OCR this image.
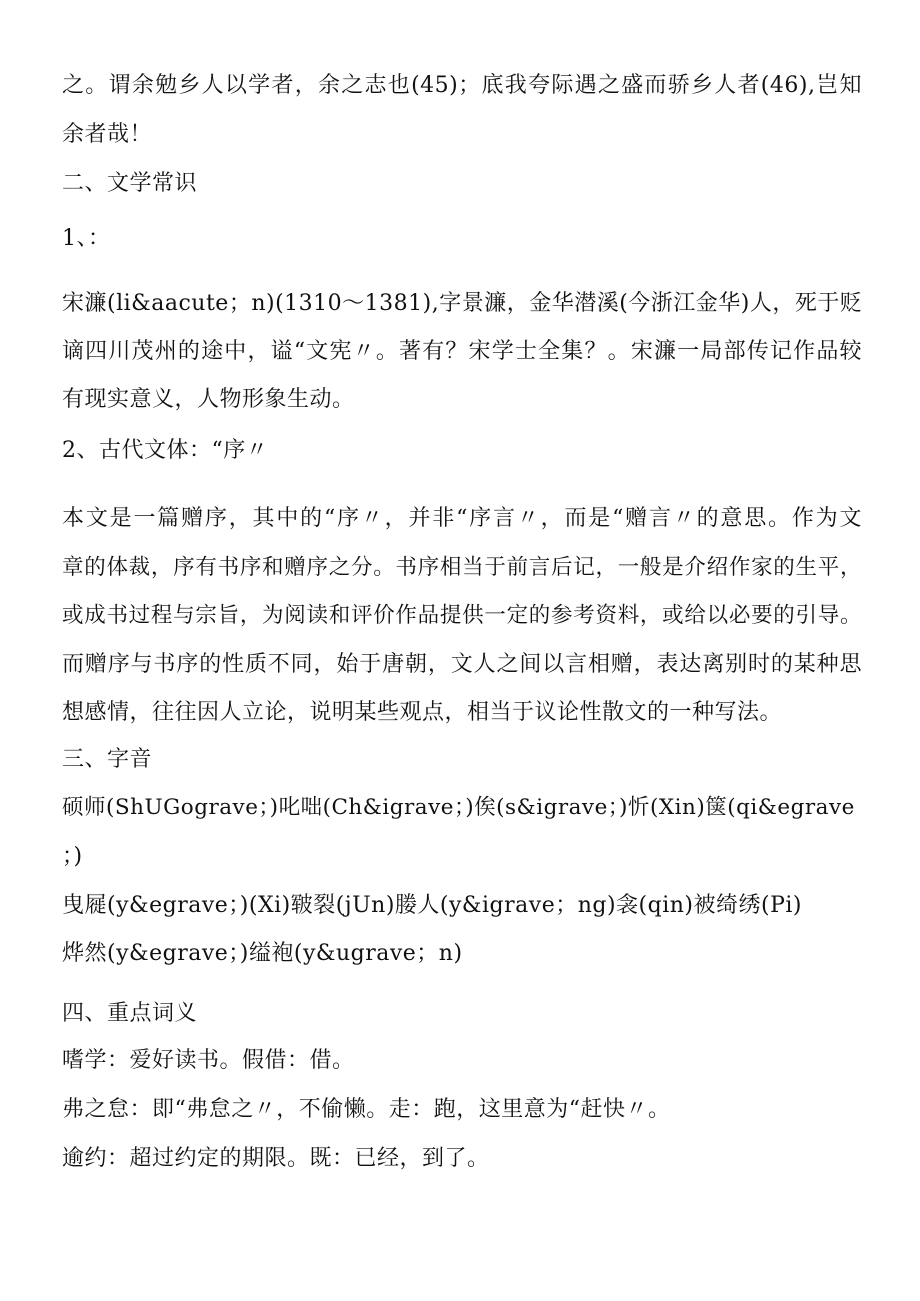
之。谓余勉乡人以学者，余之志也(45)；底我夸际遇之盛而骄乡人者(46),岂知
余者哉！
二、文学常识
1、：
宋濂(li&aacute；n)(1310～1381),字景濂，金华潜溪(今浙江金华)人，死于贬
谪四川茂州的途中，谥“文宪〃。著有？宋学士全集？。宋濂一局部传记作品较
有现实意义，人物形象生动。
2、古代文体：“序〃
本文是一篇赠序，其中的“序〃，并非“序言〃，而是“赠言〃的意思。作为文
章的体裁，序有书序和赠序之分。书序相当于前言后记，一般是介绍作家的生平，
或成书过程与宗旨，为阅读和评价作品提供一定的参考资料，或给以必要的引导。
而赠序与书序的性质不同，始于唐朝，文人之间以言相赠，表达离别时的某种思
想感情，往往因人立论，说明某些观点，相当于议论性散文的一种写法。
三、字音
硕师(ShUGograve；)叱咄(Ch&igrave；)俟(s&igrave；)忻(Xin)箧(qi&egrave
；)
曳屣(y&egrave；)(Xi)皲裂(jUn)媵人(y&igrave；ng)衾(qin)被绮绣(Pi)
烨然(y&egrave；)缢袍(y&ugrave；n)
四、重点词义
嗜学：爱好读书。假借：借。
弗之怠：即“弗怠之〃，不偷懒。走：跑，这里意为“赶快〃。
逾约：超过约定的期限。既：已经，到了。
